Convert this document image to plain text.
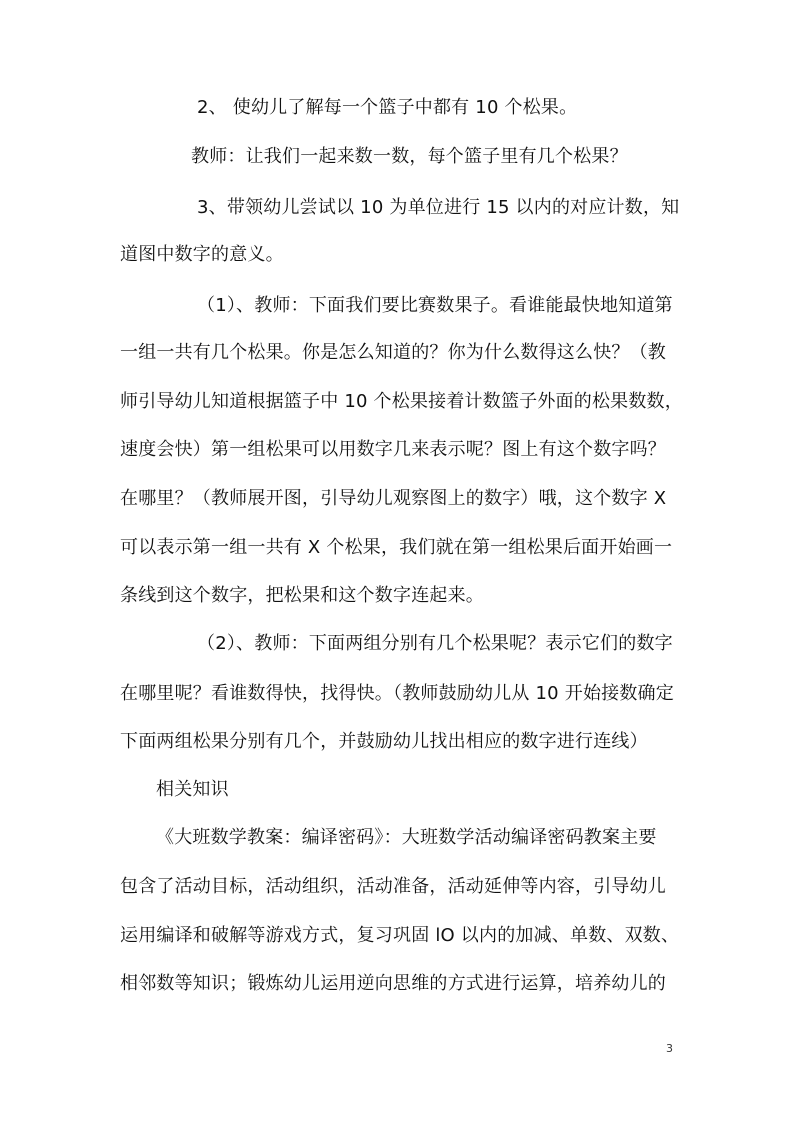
2、 使幼儿了解每一个篮子中都有 10 个松果。
教师：让我们一起来数一数，每个篮子里有几个松果？
3、带领幼儿尝试以 10 为单位进行 15 以内的对应计数，知
道图中数字的意义。
（1）、教师：下面我们要比赛数果子。看谁能最快地知道第
一组一共有几个松果。你是怎么知道的？你为什么数得这么快？（教
师引导幼儿知道根据篮子中 10 个松果接着计数篮子外面的松果数数，
速度会快）第一组松果可以用数字几来表示呢？图上有这个数字吗？
在哪里？（教师展开图，引导幼儿观察图上的数字）哦，这个数字 X
可以表示第一组一共有 X 个松果，我们就在第一组松果后面开始画一
条线到这个数字，把松果和这个数字连起来。
（2）、教师：下面两组分别有几个松果呢？表示它们的数字
在哪里呢？看谁数得快，找得快。（教师鼓励幼儿从 10 开始接数确定
下面两组松果分别有几个，并鼓励幼儿找出相应的数字进行连线）
相关知识
《大班数学教案：编译密码》：大班数学活动编译密码教案主要
包含了活动目标，活动组织，活动准备，活动延伸等内容，引导幼儿
运用编译和破解等游戏方式，复习巩固 lO 以内的加减、单数、双数、
相邻数等知识；锻炼幼儿运用逆向思维的方式进行运算，培养幼儿的
3
